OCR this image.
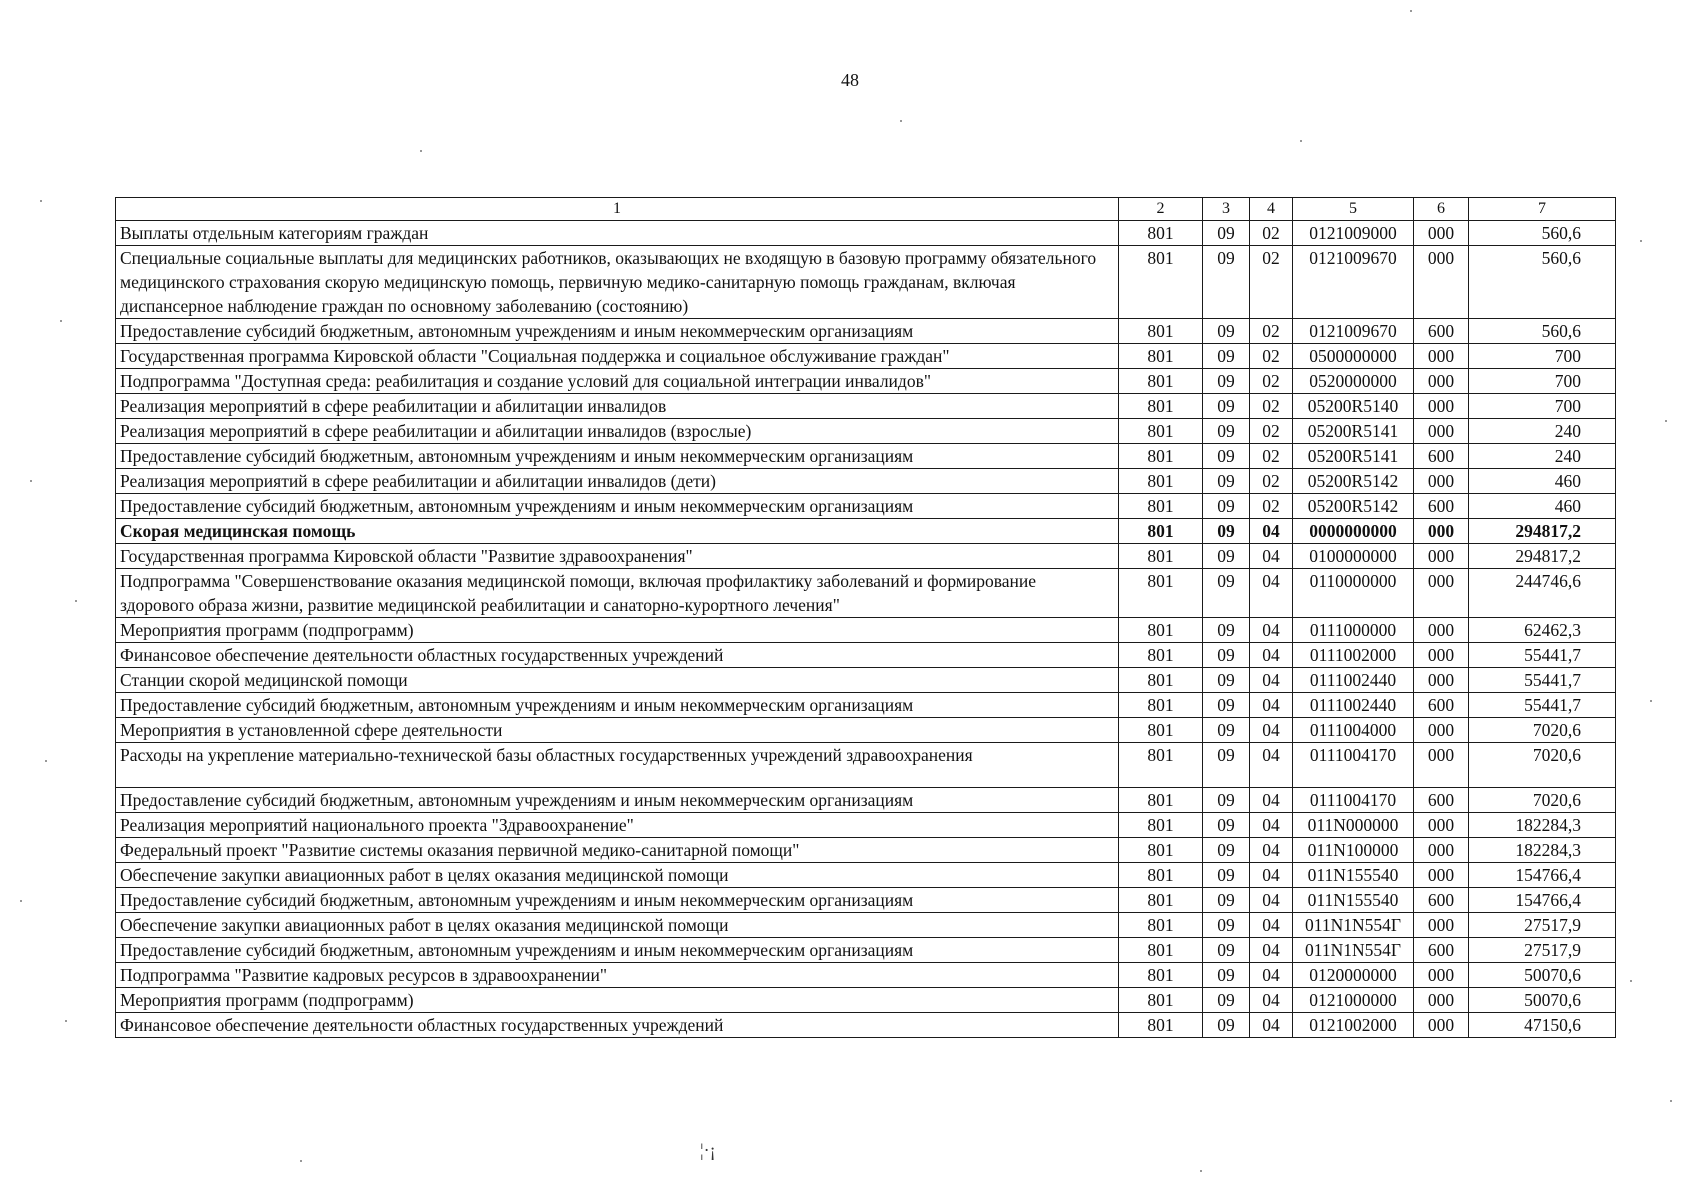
48
1	2	3	4	5	6	7
Выплаты отдельным категориям граждан	801	09	02	0121009000	000	560,6
Специальные социальные выплаты для медицинских работников, оказывающих не входящую в базовую программу обязательного медицинского страхования скорую медицинскую помощь, первичную медико-санитарную помощь гражданам, включая диспансерное наблюдение граждан по основному заболеванию (состоянию)	801	09	02	0121009670	000	560,6
Предоставление субсидий бюджетным, автономным учреждениям и иным некоммерческим организациям	801	09	02	0121009670	600	560,6
Государственная программа Кировской области "Социальная поддержка и социальное обслуживание граждан"	801	09	02	0500000000	000	700
Подпрограмма "Доступная среда: реабилитация и создание условий для социальной интеграции инвалидов"	801	09	02	0520000000	000	700
Реализация мероприятий в сфере реабилитации и абилитации инвалидов	801	09	02	05200R5140	000	700
Реализация мероприятий в сфере реабилитации и абилитации инвалидов (взрослые)	801	09	02	05200R5141	000	240
Предоставление субсидий бюджетным, автономным учреждениям и иным некоммерческим организациям	801	09	02	05200R5141	600	240
Реализация мероприятий в сфере реабилитации и абилитации инвалидов (дети)	801	09	02	05200R5142	000	460
Предоставление субсидий бюджетным, автономным учреждениям и иным некоммерческим организациям	801	09	02	05200R5142	600	460
Скорая медицинская помощь	801	09	04	0000000000	000	294817,2
Государственная программа Кировской области "Развитие здравоохранения"	801	09	04	0100000000	000	294817,2
Подпрограмма "Совершенствование оказания медицинской помощи, включая профилактику заболеваний и формирование здорового образа жизни, развитие медицинской реабилитации и санаторно-курортного лечения"	801	09	04	0110000000	000	244746,6
Мероприятия программ (подпрограмм)	801	09	04	0111000000	000	62462,3
Финансовое обеспечение деятельности областных государственных учреждений	801	09	04	0111002000	000	55441,7
Станции скорой медицинской помощи	801	09	04	0111002440	000	55441,7
Предоставление субсидий бюджетным, автономным учреждениям и иным некоммерческим организациям	801	09	04	0111002440	600	55441,7
Мероприятия в установленной сфере деятельности	801	09	04	0111004000	000	7020,6
Расходы на укрепление материально-технической базы областных государственных учреждений здравоохранения	801	09	04	0111004170	000	7020,6
Предоставление субсидий бюджетным, автономным учреждениям и иным некоммерческим организациям	801	09	04	0111004170	600	7020,6
Реализация мероприятий национального проекта "Здравоохранение"	801	09	04	011N000000	000	182284,3
Федеральный проект "Развитие системы оказания первичной медико-санитарной помощи"	801	09	04	011N100000	000	182284,3
Обеспечение закупки авиационных работ в целях оказания медицинской помощи	801	09	04	011N155540	000	154766,4
Предоставление субсидий бюджетным, автономным учреждениям и иным некоммерческим организациям	801	09	04	011N155540	600	154766,4
Обеспечение закупки авиационных работ в целях оказания медицинской помощи	801	09	04	011N1N554Г	000	27517,9
Предоставление субсидий бюджетным, автономным учреждениям и иным некоммерческим организациям	801	09	04	011N1N554Г	600	27517,9
Подпрограмма "Развитие кадровых ресурсов в здравоохранении"	801	09	04	0120000000	000	50070,6
Мероприятия программ (подпрограмм)	801	09	04	0121000000	000	50070,6
Финансовое обеспечение деятельности областных государственных учреждений	801	09	04	0121002000	000	47150,6
¦·¡
